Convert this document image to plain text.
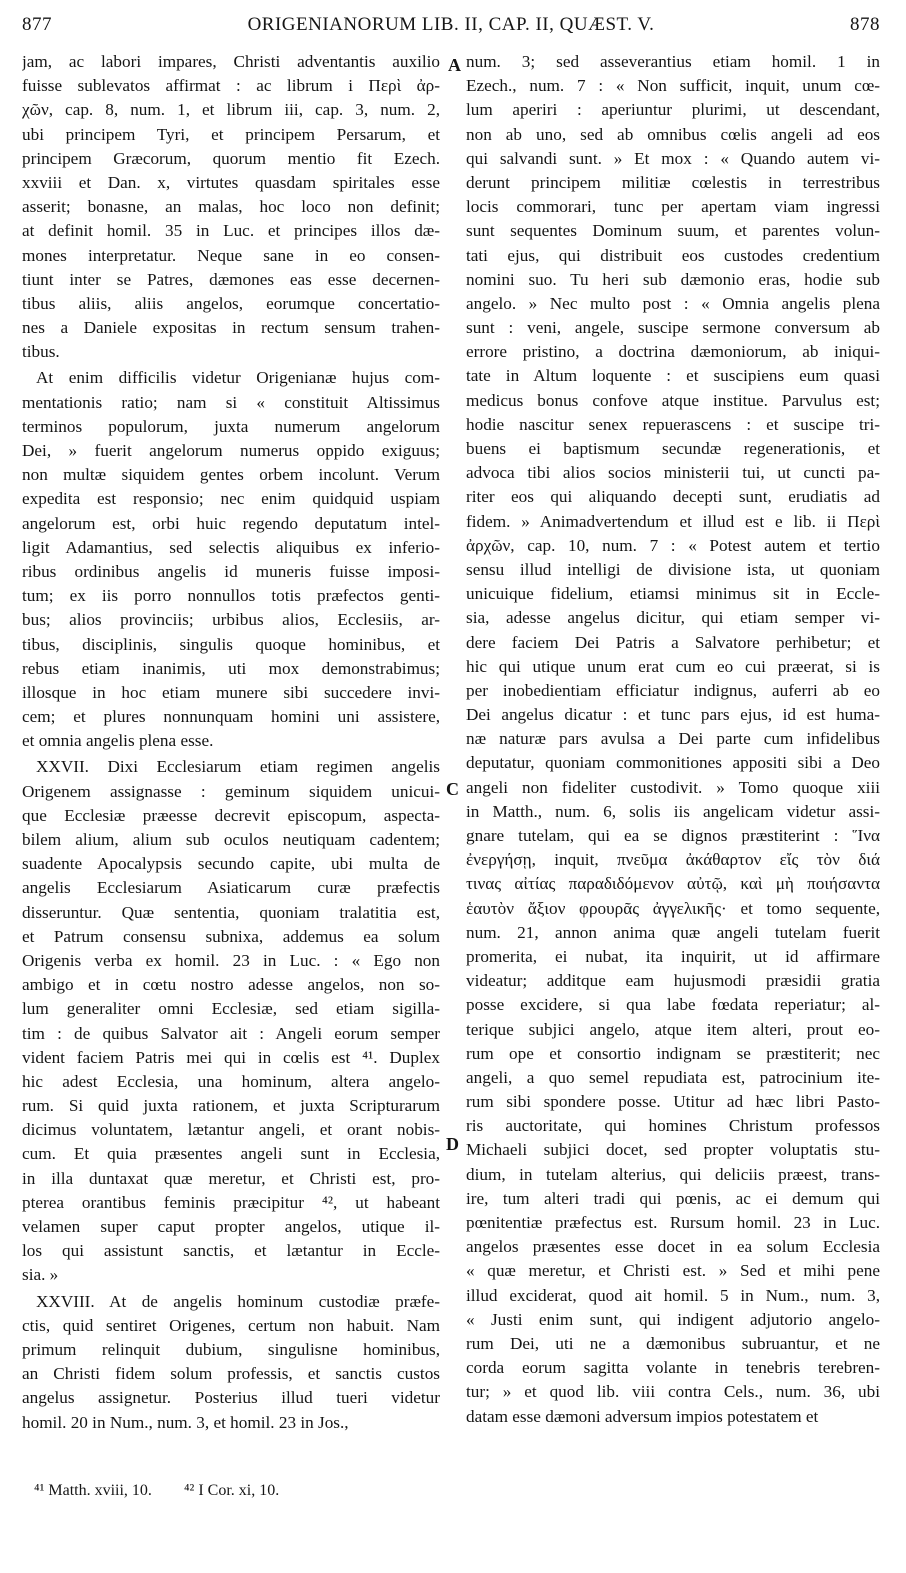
877	ORIGENIANORUM LIB. II, CAP. II, QUÆST. V.	878
jam, ac labori impares, Christi adventantis auxilio
fuisse sublevatos affirmat : ac librum i Περὶ ἀρ-
χῶν, cap. 8, num. 1, et librum iii, cap. 3, num. 2,
ubi principem Tyri, et principem Persarum, et
principem Græcorum, quorum mentio fit Ezech.
xxviii et Dan. x, virtutes quasdam spiritales esse
asserit; bonasne, an malas, hoc loco non definit;
at definit homil. 35 in Luc. et principes illos dæ-
mones interpretatur. Neque sane in eo consen-
tiunt inter se Patres, dæmones eas esse decernen-
tibus aliis, aliis angelos, eorumque concertatio-
nes a Daniele expositas in rectum sensum trahen-
tibus.
At enim difficilis videtur Origenianæ hujus com-
mentationis ratio; nam si « constituit Altissimus
terminos populorum, juxta numerum angelorum
Dei, » fuerit angelorum numerus oppido exiguus;
non multæ siquidem gentes orbem incolunt. Verum
expedita est responsio; nec enim quidquid uspiam
angelorum est, orbi huic regendo deputatum intel-
ligit Adamantius, sed selectis aliquibus ex inferio-
ribus ordinibus angelis id muneris fuisse imposi-
tum; ex iis porro nonnullos totis præfectos genti-
bus; alios provinciis; urbibus alios, Ecclesiis, ar-
tibus, disciplinis, singulis quoque hominibus, et
rebus etiam inanimis, uti mox demonstrabimus;
illosque in hoc etiam munere sibi succedere invi-
cem; et plures nonnunquam homini uni assistere,
et omnia angelis plena esse.
XXVII. Dixi Ecclesiarum etiam regimen angelis
Origenem assignasse : geminum siquidem unicui-
que Ecclesiæ præesse decrevit episcopum, aspecta-
bilem alium, alium sub oculos neutiquam cadentem;
suadente Apocalypsis secundo capite, ubi multa de
angelis Ecclesiarum Asiaticarum curæ præfectis
disseruntur. Quæ sententia, quoniam tralatitia est,
et Patrum consensu subnixa, addemus ea solum
Origenis verba ex homil. 23 in Luc. : « Ego non
ambigo et in cœtu nostro adesse angelos, non so-
lum generaliter omni Ecclesiæ, sed etiam sigilla-
tim : de quibus Salvator ait : Angeli eorum semper
vident faciem Patris mei qui in cœlis est ⁴¹. Duplex
hic adest Ecclesia, una hominum, altera angelo-
rum. Si quid juxta rationem, et juxta Scripturarum
dicimus voluntatem, lætantur angeli, et orant nobis-
cum. Et quia præsentes angeli sunt in Ecclesia,
in illa duntaxat quæ meretur, et Christi est, pro-
pterea orantibus feminis præcipitur ⁴², ut habeant
velamen super caput propter angelos, utique il-
los qui assistunt sanctis, et lætantur in Eccle-
sia. »
XXVIII. At de angelis hominum custodiæ præfe-
ctis, quid sentiret Origenes, certum non habuit. Nam
primum relinquit dubium, singulisne hominibus,
an Christi fidem solum professis, et sanctis custos
angelus assignetur. Posterius illud tueri videtur
homil. 20 in Num., num. 3, et homil. 23 in Jos.,
num. 3; sed asseverantius etiam homil. 1 in
Ezech., num. 7 : « Non sufficit, inquit, unum cœ-
lum aperiri : aperiuntur plurimi, ut descendant,
non ab uno, sed ab omnibus cœlis angeli ad eos
qui salvandi sunt. » Et mox : « Quando autem vi-
derunt principem militiæ cœlestis in terrestribus
locis commorari, tunc per apertam viam ingressi
sunt sequentes Dominum suum, et parentes volun-
tati ejus, qui distribuit eos custodes credentium
nomini suo. Tu heri sub dæmonio eras, hodie sub
angelo. » Nec multo post : « Omnia angelis plena
sunt : veni, angele, suscipe sermone conversum ab
errore pristino, a doctrina dæmoniorum, ab iniqui-
tate in Altum loquente : et suscipiens eum quasi
medicus bonus confove atque institue. Parvulus est;
hodie nascitur senex repuerascens : et suscipe tri-
buens ei baptismum secundæ regenerationis, et
advoca tibi alios socios ministerii tui, ut cuncti pa-
riter eos qui aliquando decepti sunt, erudiatis ad
fidem. » Animadvertendum et illud est e lib. ii Περὶ
ἀρχῶν, cap. 10, num. 7 : « Potest autem et tertio
sensu illud intelligi de divisione ista, ut quoniam
unicuique fidelium, etiamsi minimus sit in Eccle-
sia, adesse angelus dicitur, qui etiam semper vi-
dere faciem Dei Patris a Salvatore perhibetur; et
hic qui utique unum erat cum eo cui præerat, si is
per inobedientiam efficiatur indignus, auferri ab eo
Dei angelus dicatur : et tunc pars ejus, id est huma-
næ naturæ pars avulsa a Dei parte cum infidelibus
deputatur, quoniam commonitiones appositi sibi a Deo
angeli non fideliter custodivit. » Tomo quoque xiii
in Matth., num. 6, solis iis angelicam videtur assi-
gnare tutelam, qui ea se dignos præstiterint : Ἵνα
ἐνεργήσῃ, inquit, πνεῦμα ἀκάθαρτον εἴς τὸν διά
τινας αἰτίας παραδιδόμενον αὐτῷ, καὶ μὴ ποιήσαντα
ἑαυτὸν ἄξιον φρουρᾶς ἀγγελικῆς· et tomo sequente,
num. 21, annon anima quæ angeli tutelam fuerit
promerita, ei nubat, ita inquirit, ut id affirmare
videatur; additque eam hujusmodi præsidii gratia
posse excidere, si qua labe fœdata reperiatur; al-
terique subjici angelo, atque item alteri, prout eo-
rum ope et consortio indignam se præstiterit; nec
angeli, a quo semel repudiata est, patrocinium ite-
rum sibi spondere posse. Utitur ad hæc libri Pasto-
ris auctoritate, qui homines Christum professos
Michaeli subjici docet, sed propter voluptatis stu-
dium, in tutelam alterius, qui deliciis præest, trans-
ire, tum alteri tradi qui pœnis, ac ei demum qui
pœnitentiæ præfectus est. Rursum homil. 23 in Luc.
angelos præsentes esse docet in ea solum Ecclesia
« quæ meretur, et Christi est. » Sed et mihi pene
illud exciderat, quod ait homil. 5 in Num., num. 3,
« Justi enim sunt, qui indigent adjutorio angelo-
rum Dei, uti ne a dæmonibus subruantur, et ne
corda eorum sagitta volante in tenebris terebren-
tur; » et quod lib. viii contra Cels., num. 36, ubi
datam esse dæmoni adversum impios potestatem et
A
C
D
⁴¹ Matth. xviii, 10. ⁴² I Cor. xi, 10.
